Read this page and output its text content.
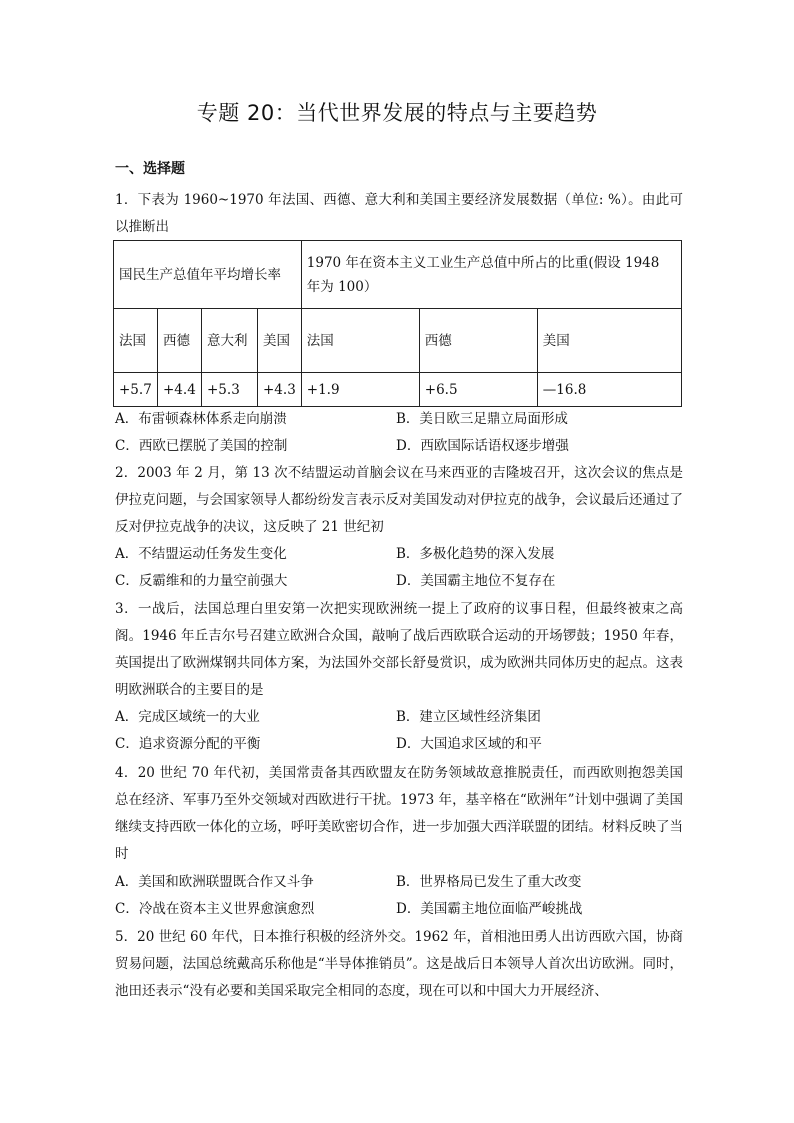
专题 20：当代世界发展的特点与主要趋势
一、选择题
1．下表为 1960~1970 年法国、西德、意大利和美国主要经济发展数据（单位: %）。由此可以推断出
国民生产总值年平均增长率				1970 年在资本主义工业生产总值中所占的比重(假设 1948 年为 100）		
法国	西德	意大利	美国	法国	西德	美国
+5.7	+4.4	+5.3	+4.3	+1.9	+6.5	—16.8
A．布雷顿森林体系走向崩溃	B．美日欧三足鼎立局面形成
C．西欧已摆脱了美国的控制	D．西欧国际话语权逐步增强
2．2003 年 2 月，第 13 次不结盟运动首脑会议在马来西亚的吉隆坡召开，这次会议的焦点是伊拉克问题，与会国家领导人都纷纷发言表示反对美国发动对伊拉克的战争，会议最后还通过了反对伊拉克战争的决议，这反映了 21 世纪初
A．不结盟运动任务发生变化	B．多极化趋势的深入发展
C．反霸维和的力量空前强大	D．美国霸主地位不复存在
3．一战后，法国总理白里安第一次把实现欧洲统一提上了政府的议事日程，但最终被束之高阁。1946 年丘吉尔号召建立欧洲合众国，敲响了战后西欧联合运动的开场锣鼓；1950 年春，英国提出了欧洲煤钢共同体方案，为法国外交部长舒曼赏识，成为欧洲共同体历史的起点。这表明欧洲联合的主要目的是
A．完成区域统一的大业	B．建立区域性经济集团
C．追求资源分配的平衡	D．大国追求区域的和平
4．20 世纪 70 年代初，美国常责备其西欧盟友在防务领域故意推脱责任，而西欧则抱怨美国总在经济、军事乃至外交领域对西欧进行干扰。1973 年，基辛格在“欧洲年”计划中强调了美国继续支持西欧一体化的立场，呼吁美欧密切合作，进一步加强大西洋联盟的团结。材料反映了当时
A．美国和欧洲联盟既合作又斗争	B．世界格局已发生了重大改变
C．冷战在资本主义世界愈演愈烈	D．美国霸主地位面临严峻挑战
5．20 世纪 60 年代，日本推行积极的经济外交。1962 年，首相池田勇人出访西欧六国，协商贸易问题，法国总统戴高乐称他是“半导体推销员”。这是战后日本领导人首次出访欧洲。同时，池田还表示“没有必要和美国采取完全相同的态度，现在可以和中国大力开展经济、
